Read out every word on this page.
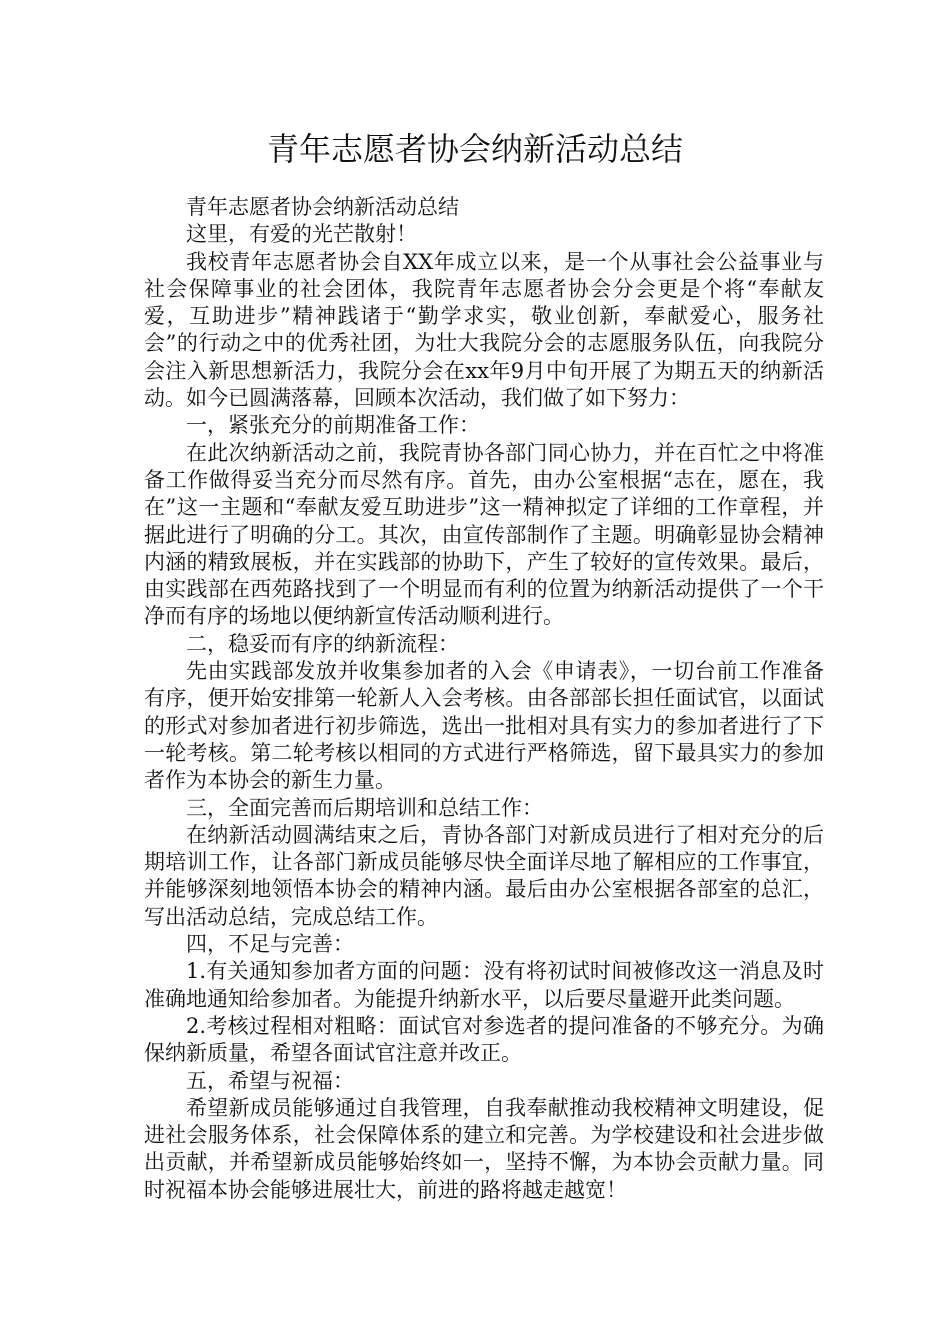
青年志愿者协会纳新活动总结

青年志愿者协会纳新活动总结

这里，有爱的光芒散射！

我校青年志愿者协会自XX年成立以来，是一个从事社会公益事业与社会保障事业的社会团体，我院青年志愿者协会分会更是个将“奉献友爱，互助进步”精神践诸于“勤学求实，敬业创新，奉献爱心，服务社会”的行动之中的优秀社团，为壮大我院分会的志愿服务队伍，向我院分会注入新思想新活力，我院分会在xx年9月中旬开展了为期五天的纳新活动。如今已圆满落幕，回顾本次活动，我们做了如下努力：

一，紧张充分的前期准备工作：

在此次纳新活动之前，我院青协各部门同心协力，并在百忙之中将准备工作做得妥当充分而尽然有序。首先，由办公室根据“志在，愿在，我在”这一主题和“奉献友爱互助进步”这一精神拟定了详细的工作章程，并据此进行了明确的分工。其次，由宣传部制作了主题。明确彰显协会精神内涵的精致展板，并在实践部的协助下，产生了较好的宣传效果。最后，由实践部在西苑路找到了一个明显而有利的位置为纳新活动提供了一个干净而有序的场地以便纳新宣传活动顺利进行。

二，稳妥而有序的纳新流程：

先由实践部发放并收集参加者的入会《申请表》，一切台前工作准备有序，便开始安排第一轮新人入会考核。由各部部长担任面试官，以面试的形式对参加者进行初步筛选，选出一批相对具有实力的参加者进行了下一轮考核。第二轮考核以相同的方式进行严格筛选，留下最具实力的参加者作为本协会的新生力量。

三，全面完善而后期培训和总结工作：

在纳新活动圆满结束之后，青协各部门对新成员进行了相对充分的后期培训工作，让各部门新成员能够尽快全面详尽地了解相应的工作事宜，并能够深刻地领悟本协会的精神内涵。最后由办公室根据各部室的总汇，写出活动总结，完成总结工作。

四，不足与完善：

1.有关通知参加者方面的问题：没有将初试时间被修改这一消息及时准确地通知给参加者。为能提升纳新水平，以后要尽量避开此类问题。

2.考核过程相对粗略：面试官对参选者的提问准备的不够充分。为确保纳新质量，希望各面试官注意并改正。

五，希望与祝福：

希望新成员能够通过自我管理，自我奉献推动我校精神文明建设，促进社会服务体系，社会保障体系的建立和完善。为学校建设和社会进步做出贡献，并希望新成员能够始终如一，坚持不懈，为本协会贡献力量。同时祝福本协会能够进展壮大，前进的路将越走越宽！
